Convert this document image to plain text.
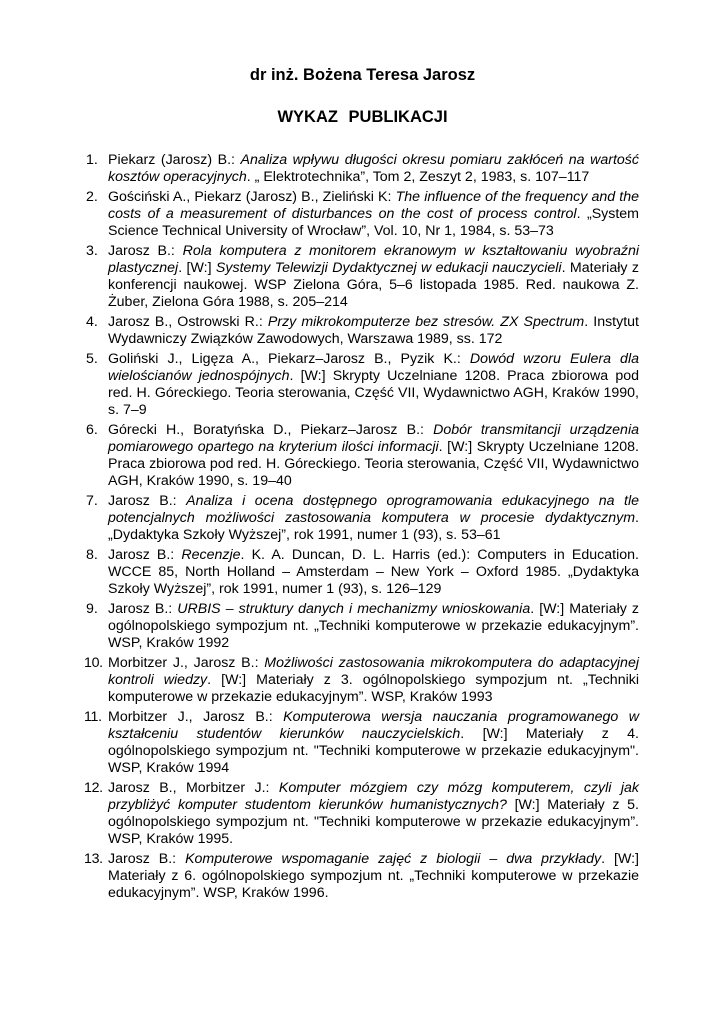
dr inż. Bożena Teresa Jarosz
WYKAZ PUBLIKACJI
1. Piekarz (Jarosz) B.: Analiza wpływu długości okresu pomiaru zakłóceń na wartość kosztów operacyjnych. „ Elektrotechnika”, Tom 2, Zeszyt 2, 1983, s. 107–117
2. Gościński A., Piekarz (Jarosz) B., Zieliński K: The influence of the frequency and the costs of a measurement of disturbances on the cost of process control. „System Science Technical University of Wrocław”, Vol. 10, Nr 1, 1984, s. 53–73
3. Jarosz B.: Rola komputera z monitorem ekranowym w kształtowaniu wyobraźni plastycznej. [W:] Systemy Telewizji Dydaktycznej w edukacji nauczycieli. Materiały z konferencji naukowej. WSP Zielona Góra, 5–6 listopada 1985. Red. naukowa Z. Żuber, Zielona Góra 1988, s. 205–214
4. Jarosz B., Ostrowski R.: Przy mikrokomputerze bez stresów. ZX Spectrum. Instytut Wydawniczy Związków Zawodowych, Warszawa 1989, ss. 172
5. Goliński J., Ligęza A., Piekarz–Jarosz B., Pyzik K.: Dowód wzoru Eulera dla wielościanów jednospójnych. [W:] Skrypty Uczelniane 1208. Praca zbiorowa pod red. H. Góreckiego. Teoria sterowania, Część VII, Wydawnictwo AGH, Kraków 1990, s. 7–9
6. Górecki H., Boratyńska D., Piekarz–Jarosz B.: Dobór transmitancji urządzenia pomiarowego opartego na kryterium ilości informacji. [W:] Skrypty Uczelniane 1208. Praca zbiorowa pod red. H. Góreckiego. Teoria sterowania, Część VII, Wydawnictwo AGH, Kraków 1990, s. 19–40
7. Jarosz B.: Analiza i ocena dostępnego oprogramowania edukacyjnego na tle potencjalnych możliwości zastosowania komputera w procesie dydaktycznym. „Dydaktyka Szkoły Wyższej”, rok 1991, numer 1 (93), s. 53–61
8. Jarosz B.: Recenzje. K. A. Duncan, D. L. Harris (ed.): Computers in Education. WCCE 85, North Holland – Amsterdam – New York – Oxford 1985. „Dydaktyka Szkoły Wyższej”, rok 1991, numer 1 (93), s. 126–129
9. Jarosz B.: URBIS – struktury danych i mechanizmy wnioskowania. [W:] Materiały z ogólnopolskiego sympozjum nt. „Techniki komputerowe w przekazie edukacyjnym”. WSP, Kraków 1992
10. Morbitzer J., Jarosz B.: Możliwości zastosowania mikrokomputera do adaptacyjnej kontroli wiedzy. [W:] Materiały z 3. ogólnopolskiego sympozjum nt. „Techniki komputerowe w przekazie edukacyjnym”. WSP, Kraków 1993
11. Morbitzer J., Jarosz B.: Komputerowa wersja nauczania programowanego w kształceniu studentów kierunków nauczycielskich. [W:] Materiały z 4. ogólnopolskiego sympozjum nt. "Techniki komputerowe w przekazie edukacyjnym". WSP, Kraków 1994
12. Jarosz B., Morbitzer J.: Komputer mózgiem czy mózg komputerem, czyli jak przybliżyć komputer studentom kierunków humanistycznych? [W:] Materiały z 5. ogólnopolskiego sympozjum nt. "Techniki komputerowe w przekazie edukacyjnym”. WSP, Kraków 1995.
13. Jarosz B.: Komputerowe wspomaganie zajęć z biologii – dwa przykłady. [W:] Materiały z 6. ogólnopolskiego sympozjum nt. „Techniki komputerowe w przekazie edukacyjnym”. WSP, Kraków 1996.
